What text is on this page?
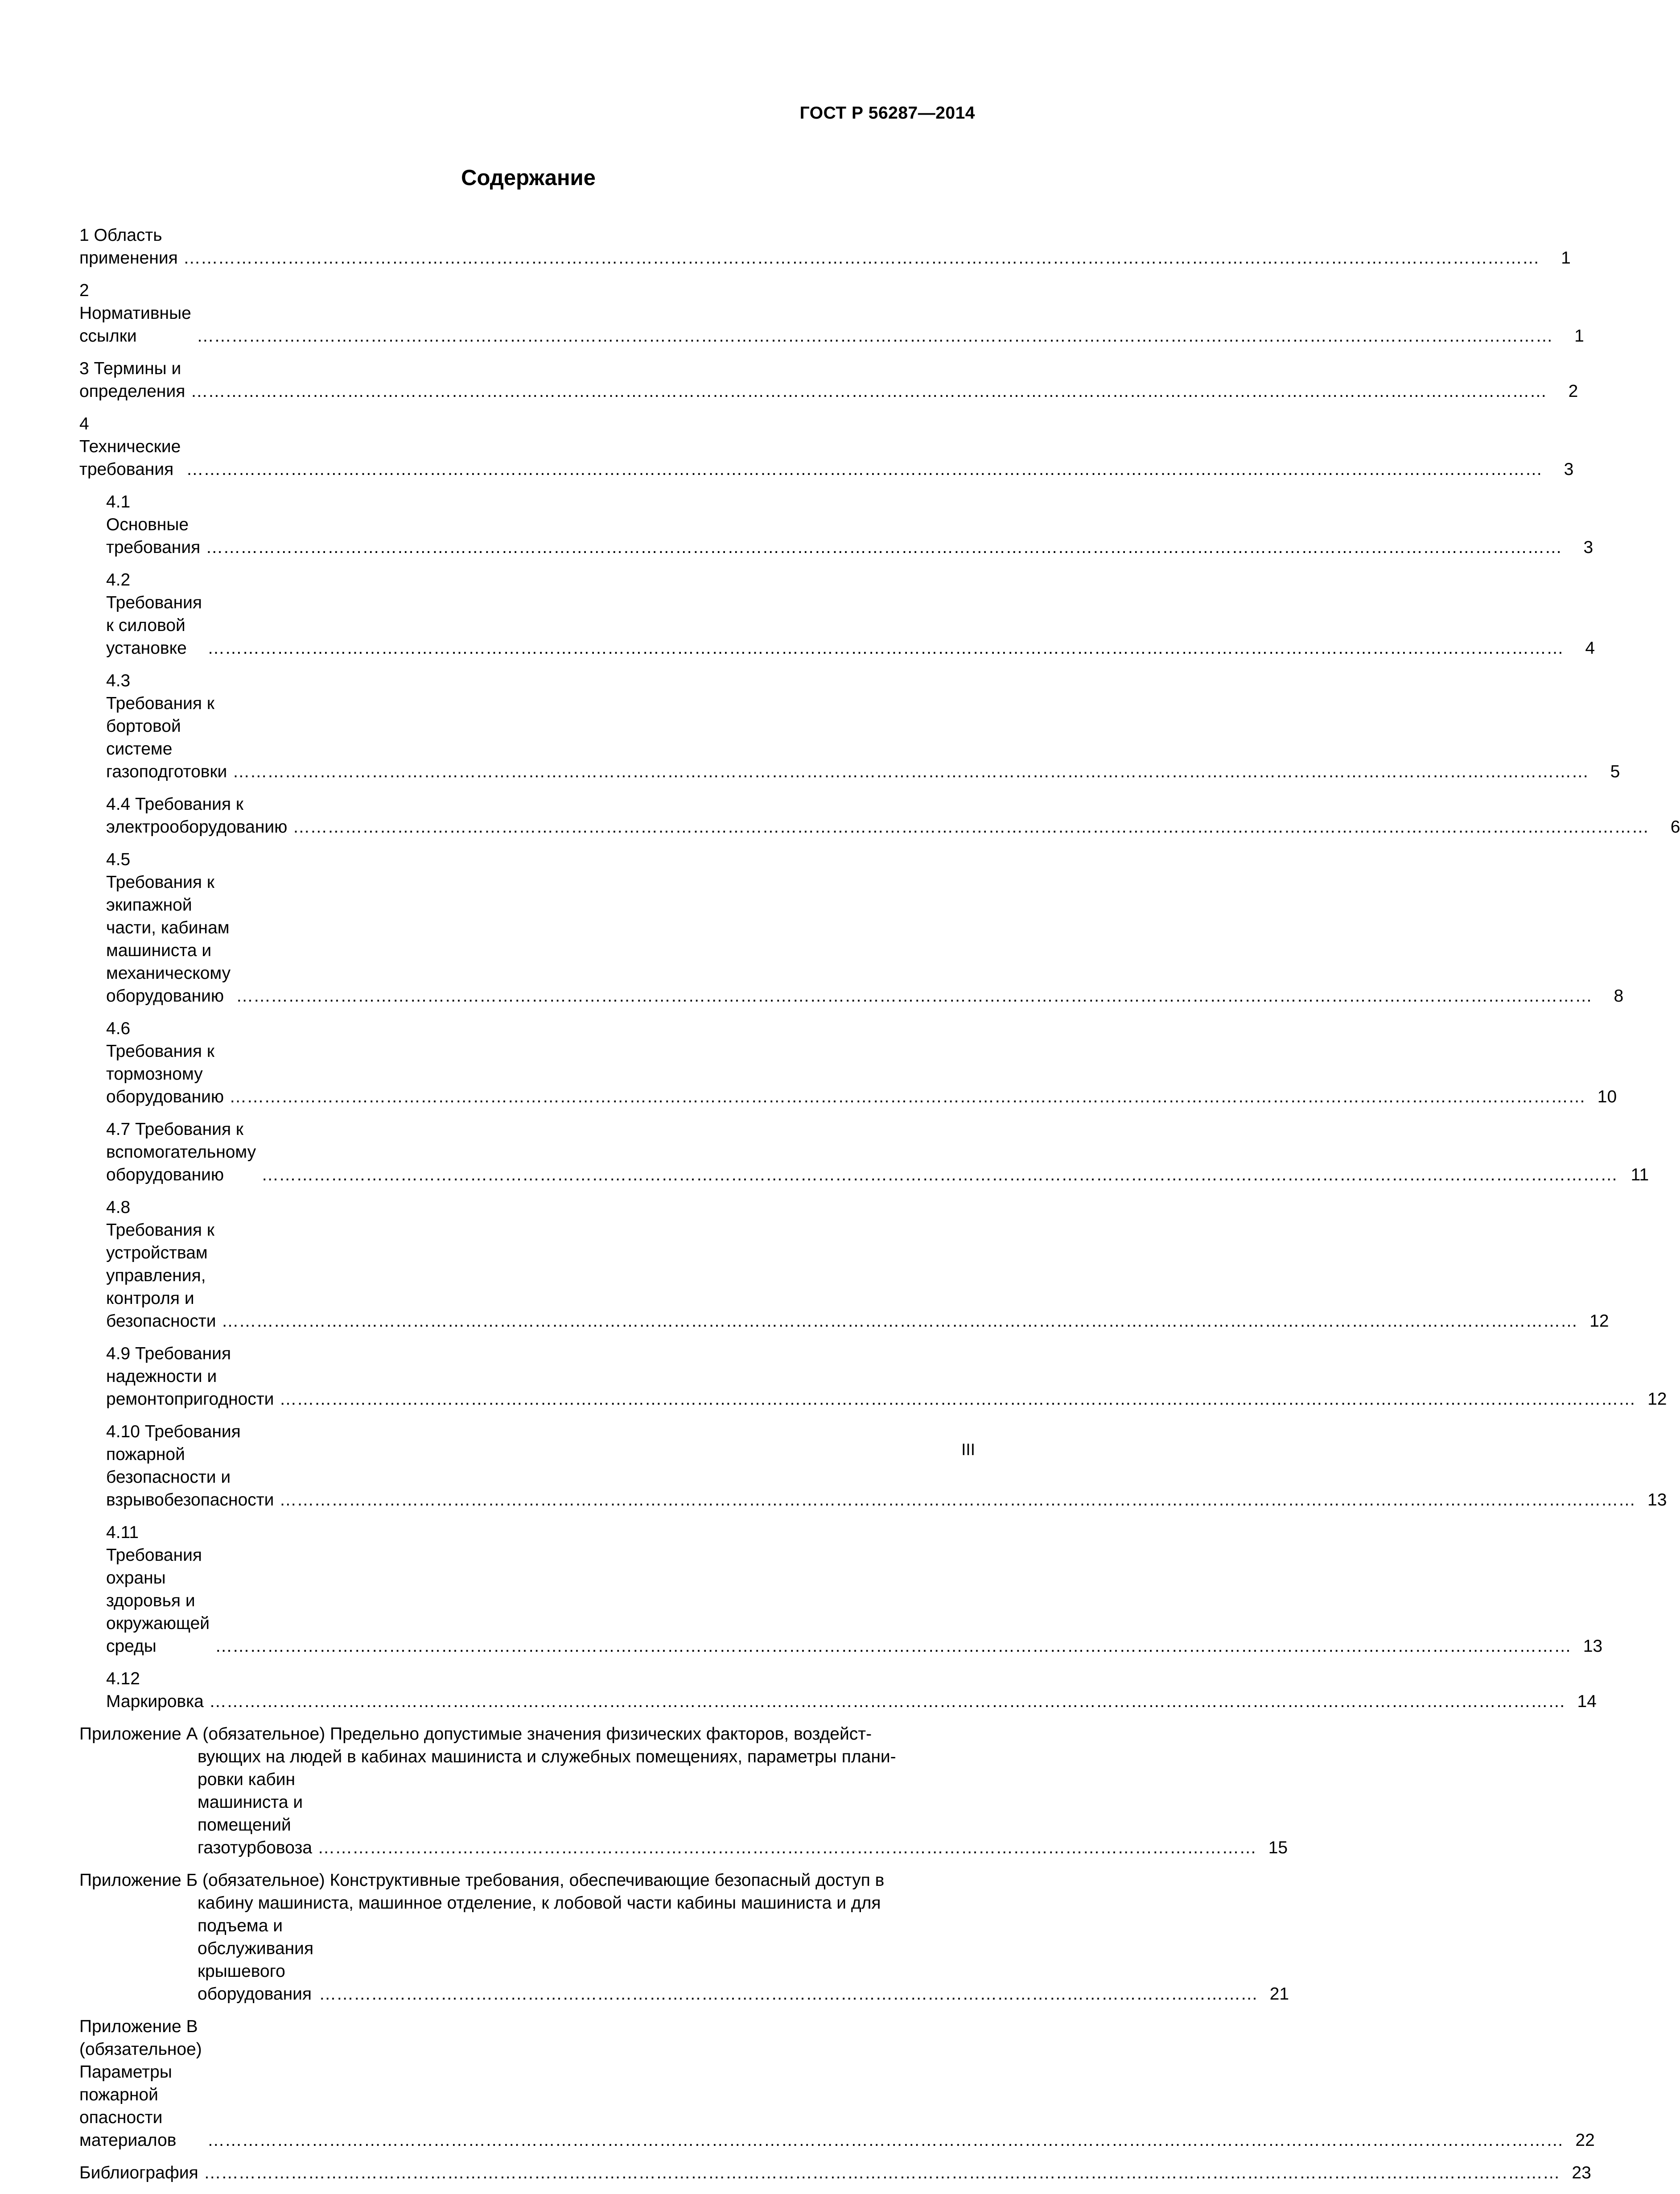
ГОСТ Р 56287—2014
Содержание
1 Область применения ………………………………………………………………………………………………………………………………………………………………………………………………………………	1
2 Нормативные ссылки ………………………………………………………………………………………………………………………………………………………………………………………………………………	1
3 Термины и определения ………………………………………………………………………………………………………………………………………………………………………………………………………………	2
4 Технические требования ………………………………………………………………………………………………………………………………………………………………………………………………………………	3
4.1 Основные требования ………………………………………………………………………………………………………………………………………………………………………………………………………………	3
4.2 Требования к силовой установке ………………………………………………………………………………………………………………………………………………………………………………………………………………	4
4.3 Требования к бортовой системе газоподготовки ………………………………………………………………………………………………………………………………………………………………………………………………………………	5
4.4 Требования к электрооборудованию ………………………………………………………………………………………………………………………………………………………………………………………………………………	6
4.5 Требования к экипажной части, кабинам машиниста и механическому оборудованию ………………………………………………………………………………………………………………………………………………………………………………………………………………	8
4.6 Требования к тормозному оборудованию ………………………………………………………………………………………………………………………………………………………………………………………………………………	10
4.7 Требования к вспомогательному оборудованию ………………………………………………………………………………………………………………………………………………………………………………………………………………	11
4.8 Требования к устройствам управления, контроля и безопасности ………………………………………………………………………………………………………………………………………………………………………………………………………………	12
4.9 Требования надежности и ремонтопригодности ………………………………………………………………………………………………………………………………………………………………………………………………………………	12
4.10 Требования пожарной безопасности и взрывобезопасности ………………………………………………………………………………………………………………………………………………………………………………………………………………	13
4.11 Требования охраны здоровья и окружающей среды ………………………………………………………………………………………………………………………………………………………………………………………………………………	13
4.12 Маркировка ………………………………………………………………………………………………………………………………………………………………………………………………………………	14
Приложение А (обязательное) Предельно допустимые значения физических факторов, воздейст-
вующих на людей в кабинах машиниста и служебных помещениях, параметры плани-
ровки кабин машиниста и помещений газотурбовоза ………………………………………………………………………………………………………………………………………………	15
Приложение Б (обязательное) Конструктивные требования, обеспечивающие безопасный доступ в
кабину машиниста, машинное отделение, к лобовой части кабины машиниста и для
подъема и обслуживания крышевого оборудования ………………………………………………………………………………………………………………………………………………	21
Приложение В (обязательное) Параметры пожарной опасности материалов ………………………………………………………………………………………………………………………………………………………………………………………………………………	22
Библиография ………………………………………………………………………………………………………………………………………………………………………………………………………………	23
III
